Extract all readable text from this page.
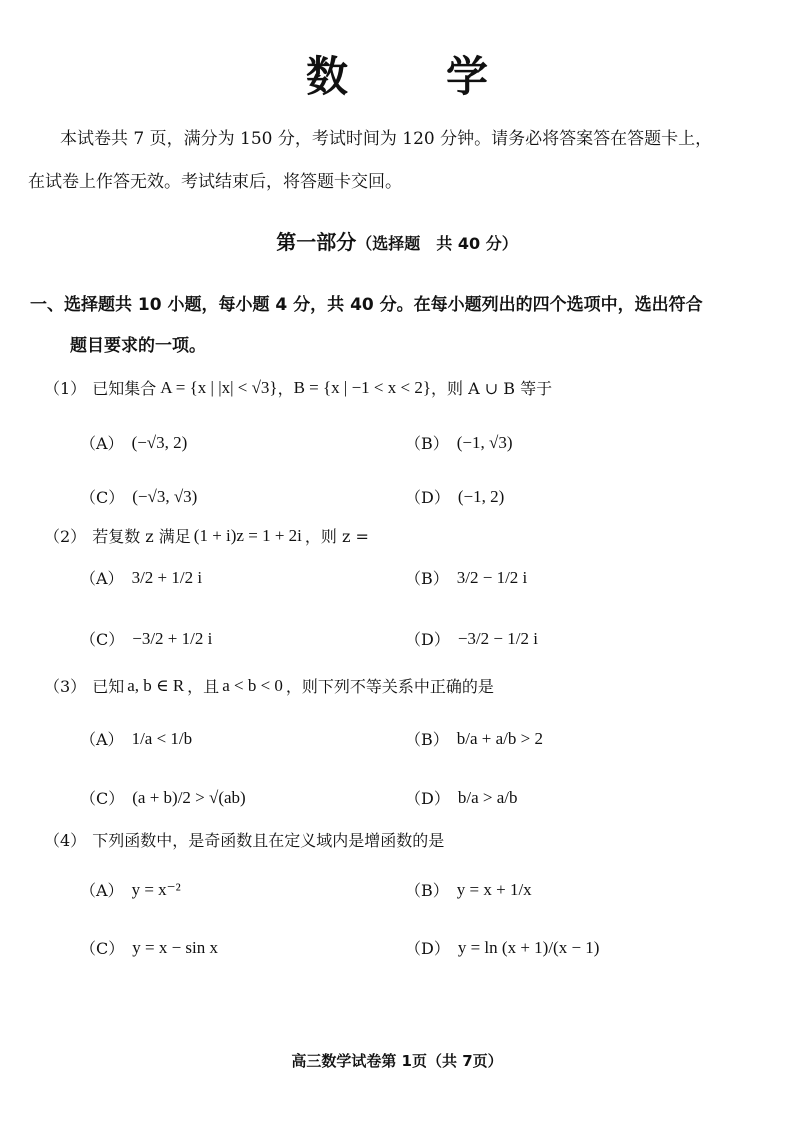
数　学
本试卷共 7 页，满分为 150 分，考试时间为 120 分钟。请务必将答案答在答题卡上，
在试卷上作答无效。考试结束后，将答题卡交回。
第一部分（选择题　共 40 分）
一、选择题共 10 小题，每小题 4 分，共 40 分。在每小题列出的四个选项中，选出符合
题目要求的一项。
（1） 已知集合 A = {x | |x| < √3} ， B = {x | −1 < x < 2} ，则 A ∪ B 等于
（A） (−√3, 2)	（B） (−1, √3)
（C） (−√3, √3)	（D） (−1, 2)
（2） 若复数 z 满足 (1 + i)z = 1 + 2i ，则 z =
（A） 3/2 + 1/2 i	（B） 3/2 − 1/2 i
（C） −3/2 + 1/2 i	（D） −3/2 − 1/2 i
（3） 已知 a, b ∈ R ，且 a < b < 0 ，则下列不等关系中正确的是
（A） 1/a < 1/b	（B） b/a + a/b > 2
（C） (a + b)/2 > √(ab)	（D） b/a > a/b
（4） 下列函数中，是奇函数且在定义域内是增函数的是
（A） y = x⁻²	（B） y = x + 1/x
（C） y = x − sin x	（D） y = ln (x + 1)/(x − 1)
高三数学试卷第 1页（共 7页）
